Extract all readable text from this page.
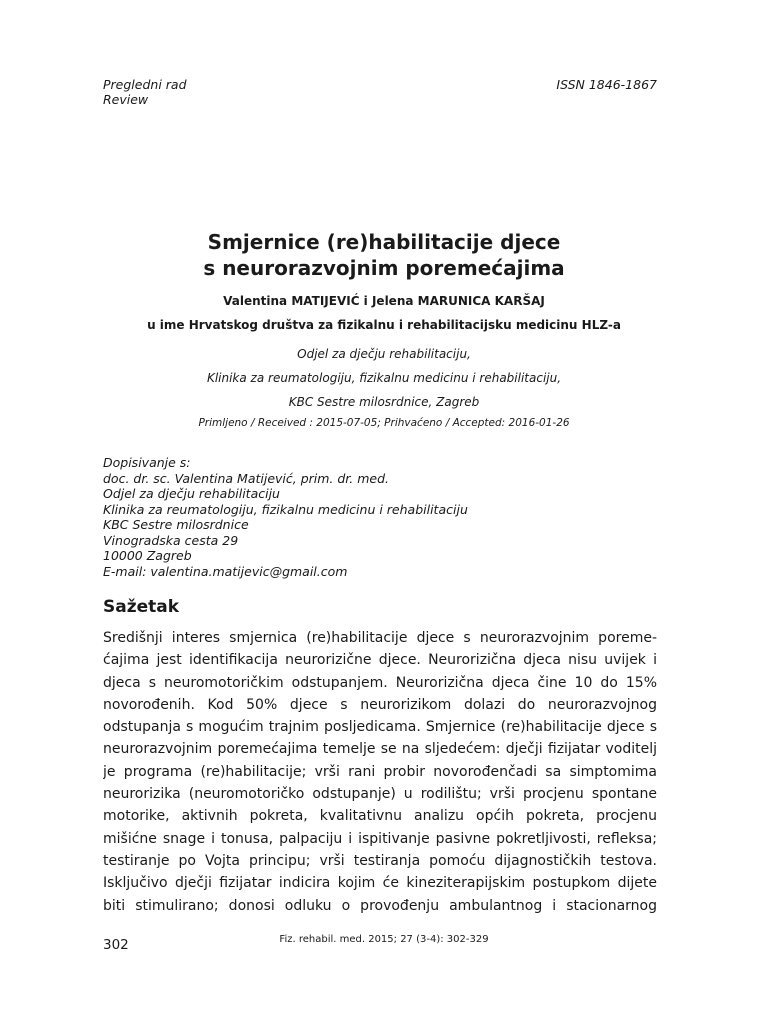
Pregledni rad
Review
ISSN 1846-1867
Smjernice (re)habilitacije djece
s neurorazvojnim poremećajima
Valentina MATIJEVIĆ i Jelena MARUNICA KARŠAJ
u ime Hrvatskog društva za fizikalnu i rehabilitacijsku medicinu HLZ-a
Odjel za dječju rehabilitaciju,
Klinika za reumatologiju, fizikalnu medicinu i rehabilitaciju,
KBC Sestre milosrdnice, Zagreb
Primljeno / Received : 2015-07-05; Prihvaćeno / Accepted: 2016-01-26
Dopisivanje s:
doc. dr. sc. Valentina Matijević, prim. dr. med.
Odjel za dječju rehabilitaciju
Klinika za reumatologiju, fizikalnu medicinu i rehabilitaciju
KBC Sestre milosrdnice
Vinogradska cesta 29
10000 Zagreb
E-mail: valentina.matijevic@gmail.com
Sažetak
Središnji interes smjernica (re)habilitacije djece s neurorazvojnim poreme-
ćajima jest identifikacija neurorizične djece. Neurorizična djeca nisu uvijek i
djeca s neuromotoričkim odstupanjem. Neurorizična djeca čine 10 do 15%
novorođenih. Kod 50% djece s neurorizikom dolazi do neurorazvojnog
odstupanja s mogućim trajnim posljedicama. Smjernice (re)habilitacije djece s
neurorazvojnim poremećajima temelje se na sljedećem: dječji fizijatar voditelj
je programa (re)habilitacije; vrši rani probir novorođenčadi sa simptomima
neurorizika (neuromotoričko odstupanje) u rodilištu; vrši procjenu spontane
motorike, aktivnih pokreta, kvalitativnu analizu općih pokreta, procjenu
mišićne snage i tonusa, palpaciju i ispitivanje pasivne pokretljivosti, refleksa;
testiranje po Vojta principu; vrši testiranja pomoću dijagnostičkih testova.
Isključivo dječji fizijatar indicira kojim će kineziterapijskim postupkom dijete
biti stimulirano; donosi odluku o provođenju ambulantnog i stacionarnog
Fiz. rehabil. med. 2015; 27 (3-4): 302-329
302
